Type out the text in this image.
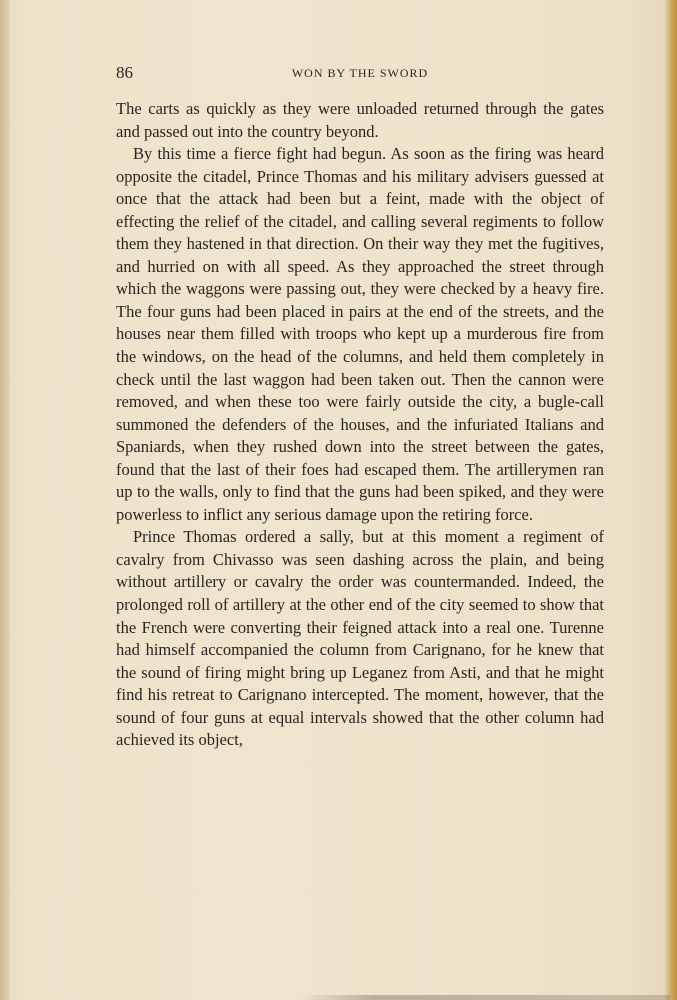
86	WON BY THE SWORD

The carts as quickly as they were unloaded returned through the gates and passed out into the country beyond.

By this time a fierce fight had begun. As soon as the firing was heard opposite the citadel, Prince Thomas and his military advisers guessed at once that the attack had been but a feint, made with the object of effecting the relief of the citadel, and calling several regiments to follow them they hastened in that direction. On their way they met the fugitives, and hurried on with all speed. As they approached the street through which the waggons were passing out, they were checked by a heavy fire. The four guns had been placed in pairs at the end of the streets, and the houses near them filled with troops who kept up a murderous fire from the windows, on the head of the columns, and held them completely in check until the last waggon had been taken out. Then the cannon were removed, and when these too were fairly outside the city, a bugle-call summoned the defenders of the houses, and the infuriated Italians and Spaniards, when they rushed down into the street between the gates, found that the last of their foes had escaped them. The artillerymen ran up to the walls, only to find that the guns had been spiked, and they were powerless to inflict any serious damage upon the retiring force.

Prince Thomas ordered a sally, but at this moment a regiment of cavalry from Chivasso was seen dashing across the plain, and being without artillery or cavalry the order was countermanded. Indeed, the prolonged roll of artillery at the other end of the city seemed to show that the French were converting their feigned attack into a real one. Turenne had himself accompanied the column from Carignano, for he knew that the sound of firing might bring up Leganez from Asti, and that he might find his retreat to Carignano intercepted. The moment, however, that the sound of four guns at equal intervals showed that the other column had achieved its object,
